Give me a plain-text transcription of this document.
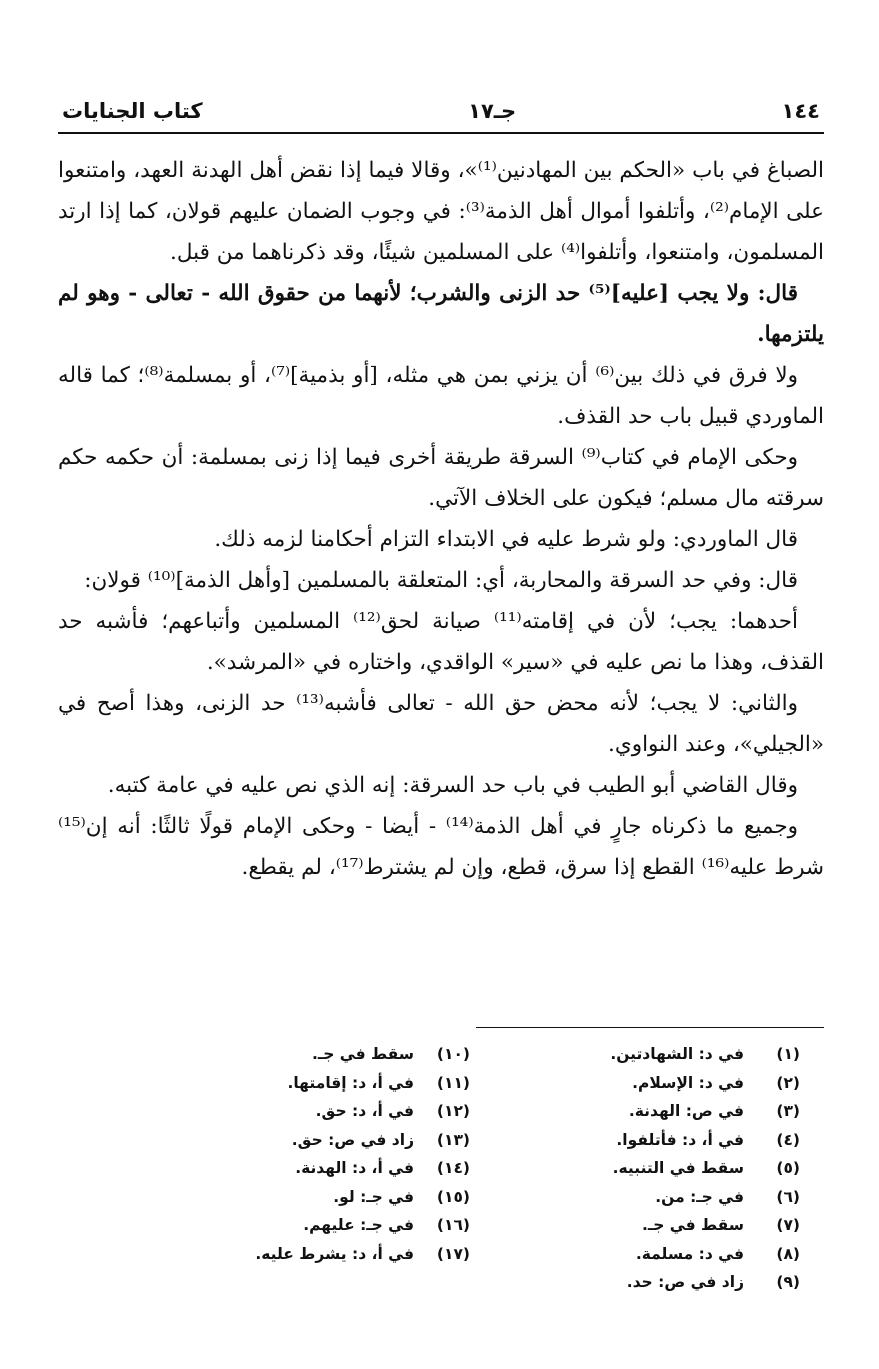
١٤٤
جـ١٧
كتاب الجنايات

الصباغ في باب «الحكم بين المهادنين⁽¹⁾»، وقالا فيما إذا نقض أهل الهدنة العهد، وامتنعوا على الإمام⁽²⁾، وأتلفوا أموال أهل الذمة⁽³⁾: في وجوب الضمان عليهم قولان، كما إذا ارتد المسلمون، وامتنعوا، وأتلفوا⁽⁴⁾ على المسلمين شيئًا، وقد ذكرناهما من قبل.

قال: ولا يجب [عليه]⁽⁵⁾ حد الزنى والشرب؛ لأنهما من حقوق الله - تعالى - وهو لم يلتزمها.

ولا فرق في ذلك بين⁽⁶⁾ أن يزني بمن هي مثله، [أو بذمية]⁽⁷⁾، أو بمسلمة⁽⁸⁾؛ كما قاله الماوردي قبيل باب حد القذف.

وحكى الإمام في كتاب⁽⁹⁾ السرقة طريقة أخرى فيما إذا زنى بمسلمة: أن حكمه حكم سرقته مال مسلم؛ فيكون على الخلاف الآتي.

قال الماوردي: ولو شرط عليه في الابتداء التزام أحكامنا لزمه ذلك.

قال: وفي حد السرقة والمحاربة، أي: المتعلقة بالمسلمين [وأهل الذمة]⁽¹⁰⁾ قولان:

أحدهما: يجب؛ لأن في إقامته⁽¹¹⁾ صيانة لحق⁽¹²⁾ المسلمين وأتباعهم؛ فأشبه حد القذف، وهذا ما نص عليه في «سير» الواقدي، واختاره في «المرشد».

والثاني: لا يجب؛ لأنه محض حق الله - تعالى فأشبه⁽¹³⁾ حد الزنى، وهذا أصح في «الجيلي»، وعند النواوي.

وقال القاضي أبو الطيب في باب حد السرقة: إنه الذي نص عليه في عامة كتبه.

وجميع ما ذكرناه جارٍ في أهل الذمة⁽¹⁴⁾ - أيضا - وحكى الإمام قولًا ثالثًا: أنه إن⁽¹⁵⁾ شرط عليه⁽¹⁶⁾ القطع إذا سرق، قطع، وإن لم يشترط⁽¹⁷⁾، لم يقطع.

(١)
في د: الشهادتين.
(٢)
في د: الإسلام.
(٣)
في ص: الهدنة.
(٤)
في أ، د: فأتلفوا.
(٥)
سقط في التنبيه.
(٦)
في جـ: من.
(٧)
سقط في جـ.
(٨)
في د: مسلمة.
(٩)
زاد في ص: حد.
(١٠)
سقط في جـ.
(١١)
في أ، د: إقامتها.
(١٢)
في أ، د: حق.
(١٣)
زاد في ص: حق.
(١٤)
في أ، د: الهدنة.
(١٥)
في جـ: لو.
(١٦)
في جـ: عليهم.
(١٧)
في أ، د: يشرط عليه.
